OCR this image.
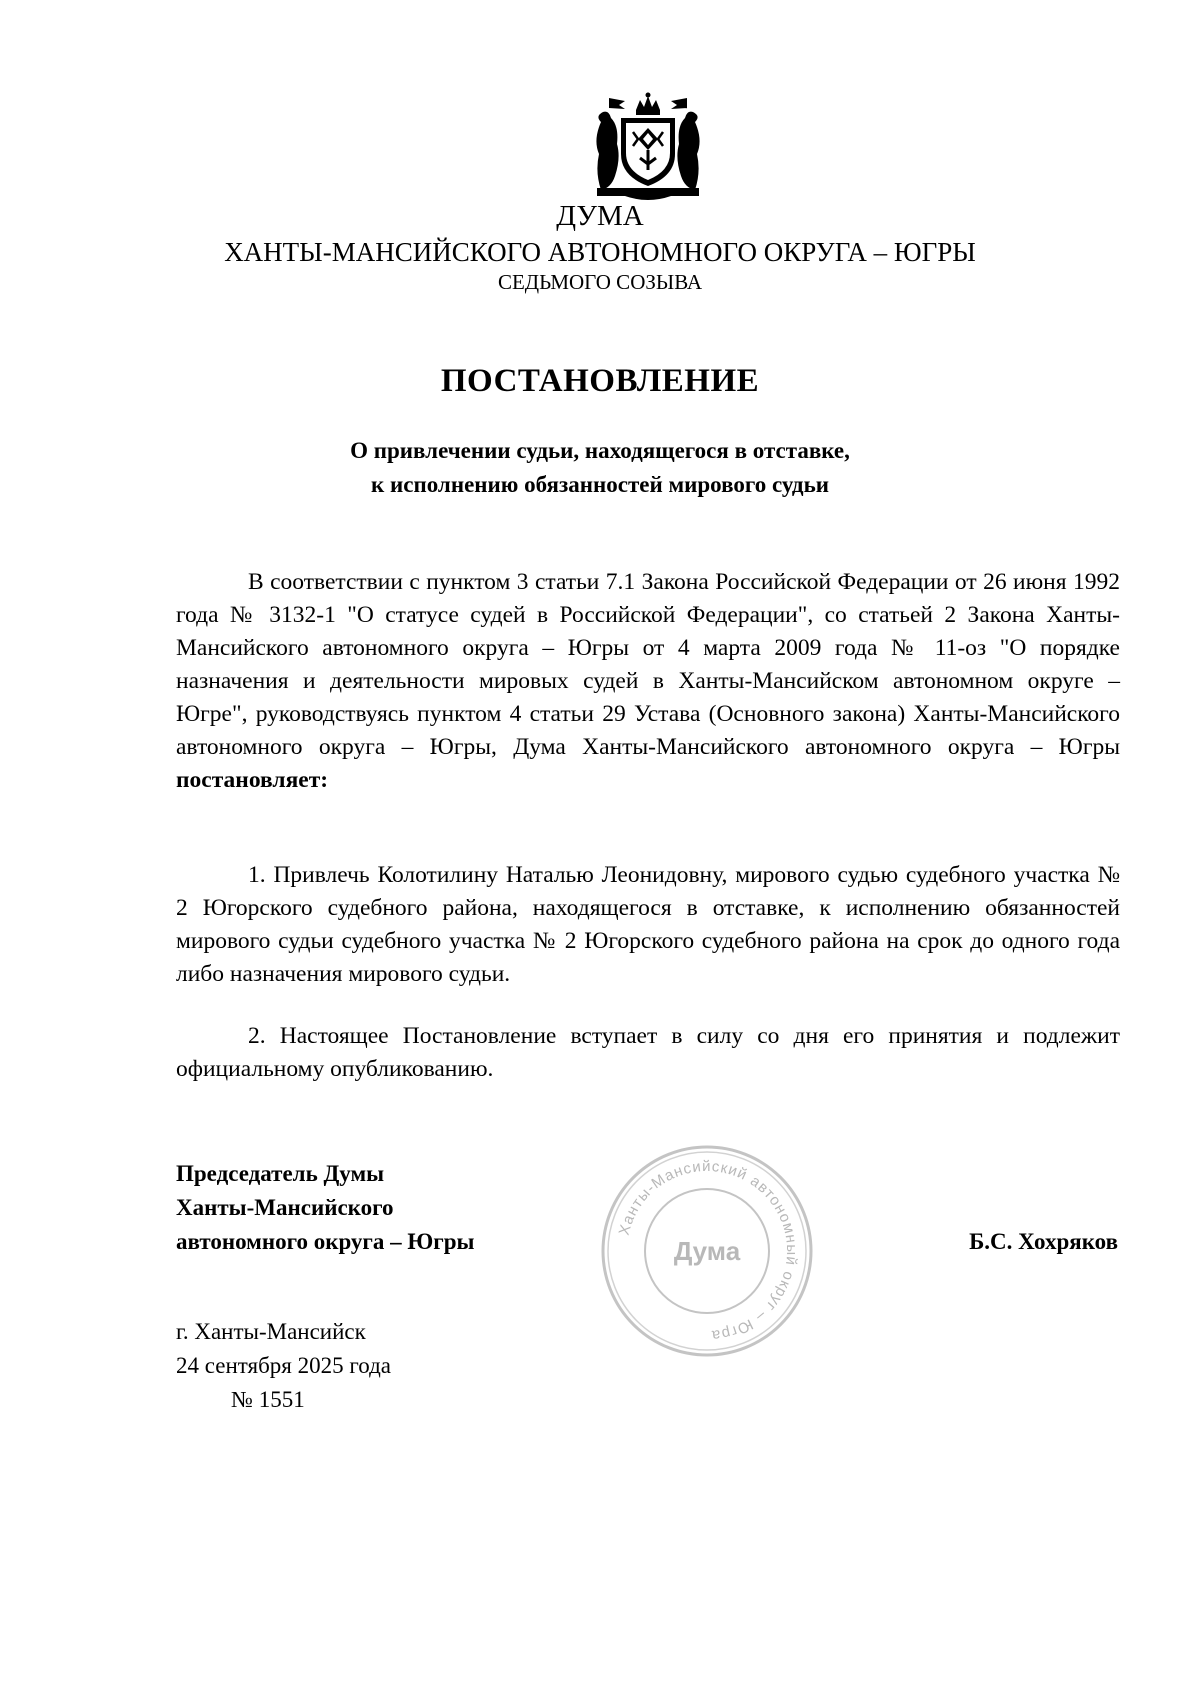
ДУМА
ХАНТЫ-МАНСИЙСКОГО АВТОНОМНОГО ОКРУГА – ЮГРЫ
СЕДЬМОГО СОЗЫВА
ПОСТАНОВЛЕНИЕ
О привлечении судьи, находящегося в отставке,
к исполнению обязанностей мирового судьи

В соответствии с пунктом 3 статьи 7.1 Закона Российской Федерации от 26 июня 1992 года № 3132-1 "О статусе судей в Российской Федерации", со статьей 2 Закона Ханты-Мансийского автономного округа – Югры от 4 марта 2009 года № 11-оз "О порядке назначения и деятельности мировых судей в Ханты-Мансийском автономном округе – Югре", руководствуясь пунктом 4 статьи 29 Устава (Основного закона) Ханты-Мансийского автономного округа – Югры, Дума Ханты-Мансийского автономного округа – Югры постановляет:

1. Привлечь Колотилину Наталью Леонидовну, мирового судью судебного участка № 2 Югорского судебного района, находящегося в отставке, к исполнению обязанностей мирового судьи судебного участка № 2 Югорского судебного района на срок до одного года либо назначения мирового судьи.

2. Настоящее Постановление вступает в силу со дня его принятия и подлежит официальному опубликованию.

Председатель Думы
Ханты-Мансийского
автономного округа – Югры	Ханты-Мансийский автономный округ – Югра
Дума	Б.С. Хохряков
г. Ханты-Мансийск
24 сентября 2025 года
№ 1551
